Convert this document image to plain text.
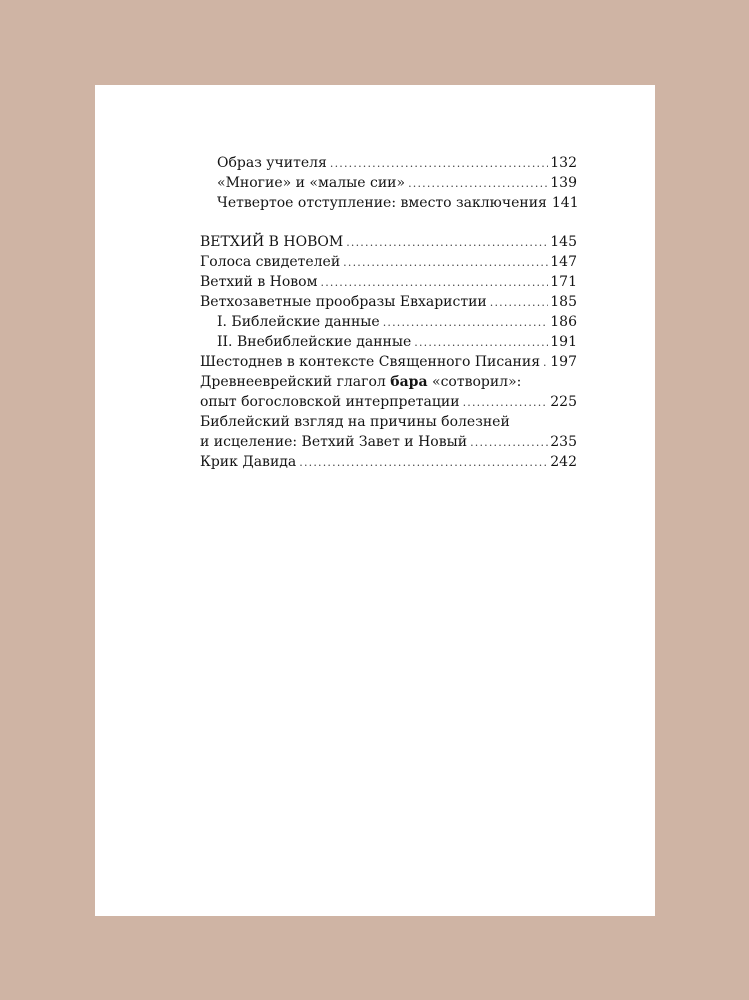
Образ учителя .....	132
«Многие» и «малые сии» .....	139
Четвертое отступление: вместо заключения 141
ВЕТХИЙ В НОВОМ .....	145
Голоса свидетелей .....	147
Ветхий в Новом .....	171
Ветхозаветные прообразы Евхаристии .....	185
I. Библейские данные .....	186
II. Внебиблейские данные .....	191
Шестоднев в контексте Священного Писания ..... 197
Древнееврейский глагол бара «сотворил»:
опыт богословской интерпретации .....	225
Библейский взгляд на причины болезней
и исцеление: Ветхий Завет и Новый .....	235
Крик Давида .....	242
